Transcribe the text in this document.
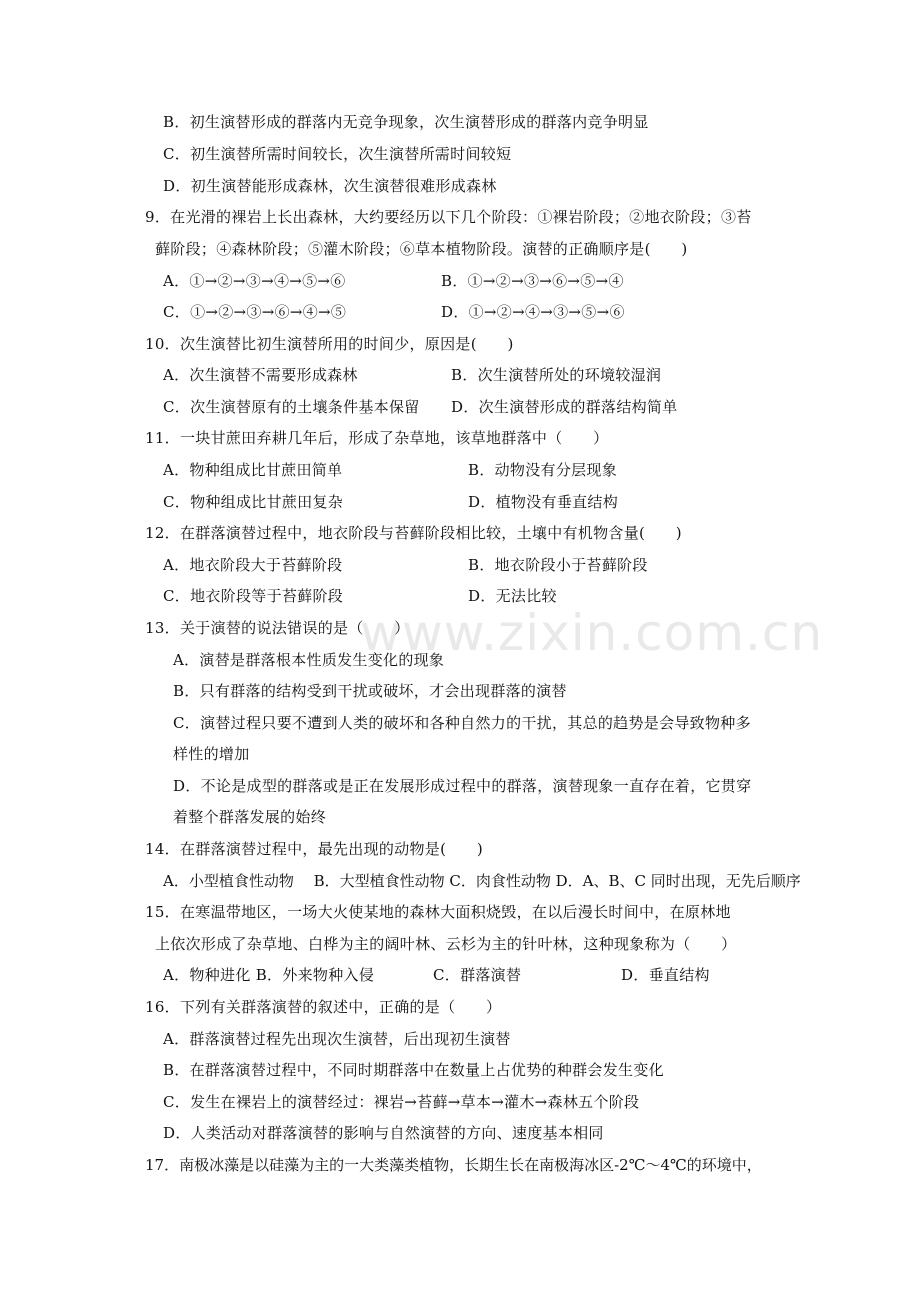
www.zixin.com.cn
B．初生演替形成的群落内无竞争现象，次生演替形成的群落内竞争明显
C．初生演替所需时间较长，次生演替所需时间较短
D．初生演替能形成森林，次生演替很难形成森林
9．在光滑的裸岩上长出森林，大约要经历以下几个阶段：①裸岩阶段；②地衣阶段；③苔
藓阶段；④森林阶段；⑤灌木阶段；⑥草本植物阶段。演替的正确顺序是(　　)
A．①→②→③→④→⑤→⑥	B．①→②→③→⑥→⑤→④
C．①→②→③→⑥→④→⑤	D．①→②→④→③→⑤→⑥
10．次生演替比初生演替所用的时间少，原因是(　　)
A．次生演替不需要形成森林	B．次生演替所处的环境较湿润
C．次生演替原有的土壤条件基本保留 D．次生演替形成的群落结构简单
11．一块甘蔗田弃耕几年后，形成了杂草地，该草地群落中（　　）
A．物种组成比甘蔗田简单	B．动物没有分层现象
C．物种组成比甘蔗田复杂	D．植物没有垂直结构
12．在群落演替过程中，地衣阶段与苔藓阶段相比较，土壤中有机物含量(　　)
A．地衣阶段大于苔藓阶段	B．地衣阶段小于苔藓阶段
C．地衣阶段等于苔藓阶段	D．无法比较
13．关于演替的说法错误的是（　　）
A．演替是群落根本性质发生变化的现象
B．只有群落的结构受到干扰或破坏，才会出现群落的演替
C．演替过程只要不遭到人类的破坏和各种自然力的干扰，其总的趋势是会导致物种多
样性的增加
D．不论是成型的群落或是正在发展形成过程中的群落，演替现象一直存在着，它贯穿
着整个群落发展的始终
14．在群落演替过程中，最先出现的动物是(　　)
A．小型植食性动物　 B．大型植食性动物 C．肉食性动物 D．A、B、C 同时出现，无先后顺序
15．在寒温带地区，一场大火使某地的森林大面积烧毁，在以后漫长时间中，在原林地
上依次形成了杂草地、白桦为主的阔叶林、云杉为主的针叶林，这种现象称为（　　）
A．物种进化 B．外来物种入侵	C．群落演替	D．垂直结构
16．下列有关群落演替的叙述中，正确的是（　　）
A．群落演替过程先出现次生演替，后出现初生演替
B．在群落演替过程中，不同时期群落中在数量上占优势的种群会发生变化
C．发生在裸岩上的演替经过：裸岩→苔藓→草本→灌木→森林五个阶段
D．人类活动对群落演替的影响与自然演替的方向、速度基本相同
17．南极冰藻是以硅藻为主的一大类藻类植物，长期生长在南极海冰区-2℃～4℃的环境中，
